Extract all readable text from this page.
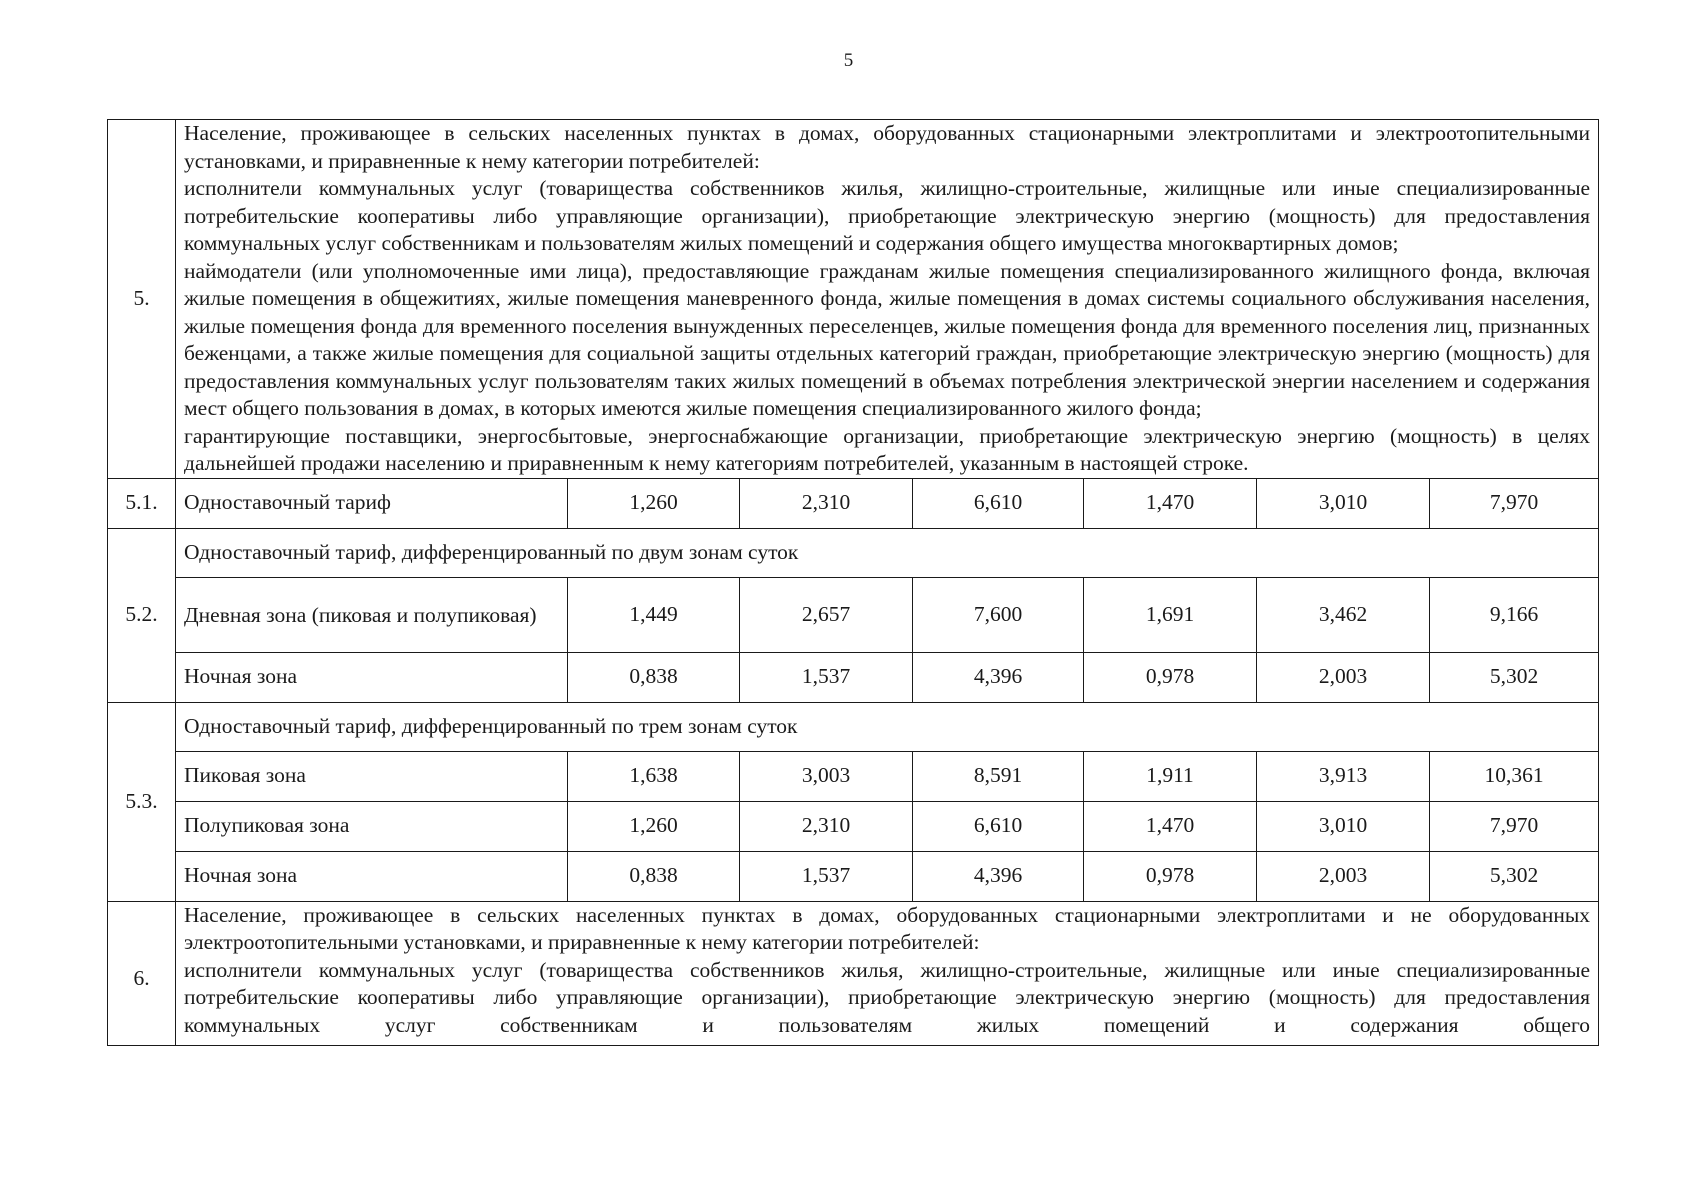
5
5.	Население, проживающее в сельских населенных пунктах в домах, оборудованных стационарными электроплитами и электроотопительными установками, и приравненные к нему категории потребителей:

исполнители коммунальных услуг (товарищества собственников жилья, жилищно-строительные, жилищные или иные специализированные потребительские кооперативы либо управляющие организации), приобретающие электрическую энергию (мощность) для предоставления коммунальных услуг собственникам и пользователям жилых помещений и содержания общего имущества многоквартирных домов;

наймодатели (или уполномоченные ими лица), предоставляющие гражданам жилые помещения специализированного жилищного фонда, включая жилые помещения в общежитиях, жилые помещения маневренного фонда, жилые помещения в домах системы социального обслуживания населения, жилые помещения фонда для временного поселения вынужденных переселенцев, жилые помещения фонда для временного поселения лиц, признанных беженцами, а также жилые помещения для социальной защиты отдельных категорий граждан, приобретающие электрическую энергию (мощность) для предоставления коммунальных услуг пользователям таких жилых помещений в объемах потребления электрической энергии населением и содержания мест общего пользования в домах, в которых имеются жилые помещения специализированного жилого фонда;

гарантирующие поставщики, энергосбытовые, энергоснабжающие организации, приобретающие электрическую энергию (мощность) в целях дальнейшей продажи населению и приравненным к нему категориям потребителей, указанным в настоящей строке.						

5.1.	Одноставочный тариф	1,260	2,310	6,610	1,470	3,010	7,970
5.2.	Одноставочный тариф, дифференцированный по двум зонам суток						

	Дневная зона (пиковая и полупиковая)	1,449	2,657	7,600	1,691	3,462	9,166
	Ночная зона	0,838	1,537	4,396	0,978	2,003	5,302
5.3.	Одноставочный тариф, дифференцированный по трем зонам суток						
	Пиковая зона	1,638	3,003	8,591	1,911	3,913	10,361
	Полупиковая зона	1,260	2,310	6,610	1,470	3,010	7,970
	Ночная зона	0,838	1,537	4,396	0,978	2,003	5,302
6.	Население, проживающее в сельских населенных пунктах в домах, оборудованных стационарными электроплитами и не оборудованных электроотопительными установками, и приравненные к нему категории потребителей:

исполнители коммунальных услуг (товарищества собственников жилья, жилищно-строительные, жилищные или иные специализированные потребительские кооперативы либо управляющие организации), приобретающие электрическую энергию (мощность) для предоставления коммунальных услуг собственникам и пользователям жилых помещений и содержания общего						
